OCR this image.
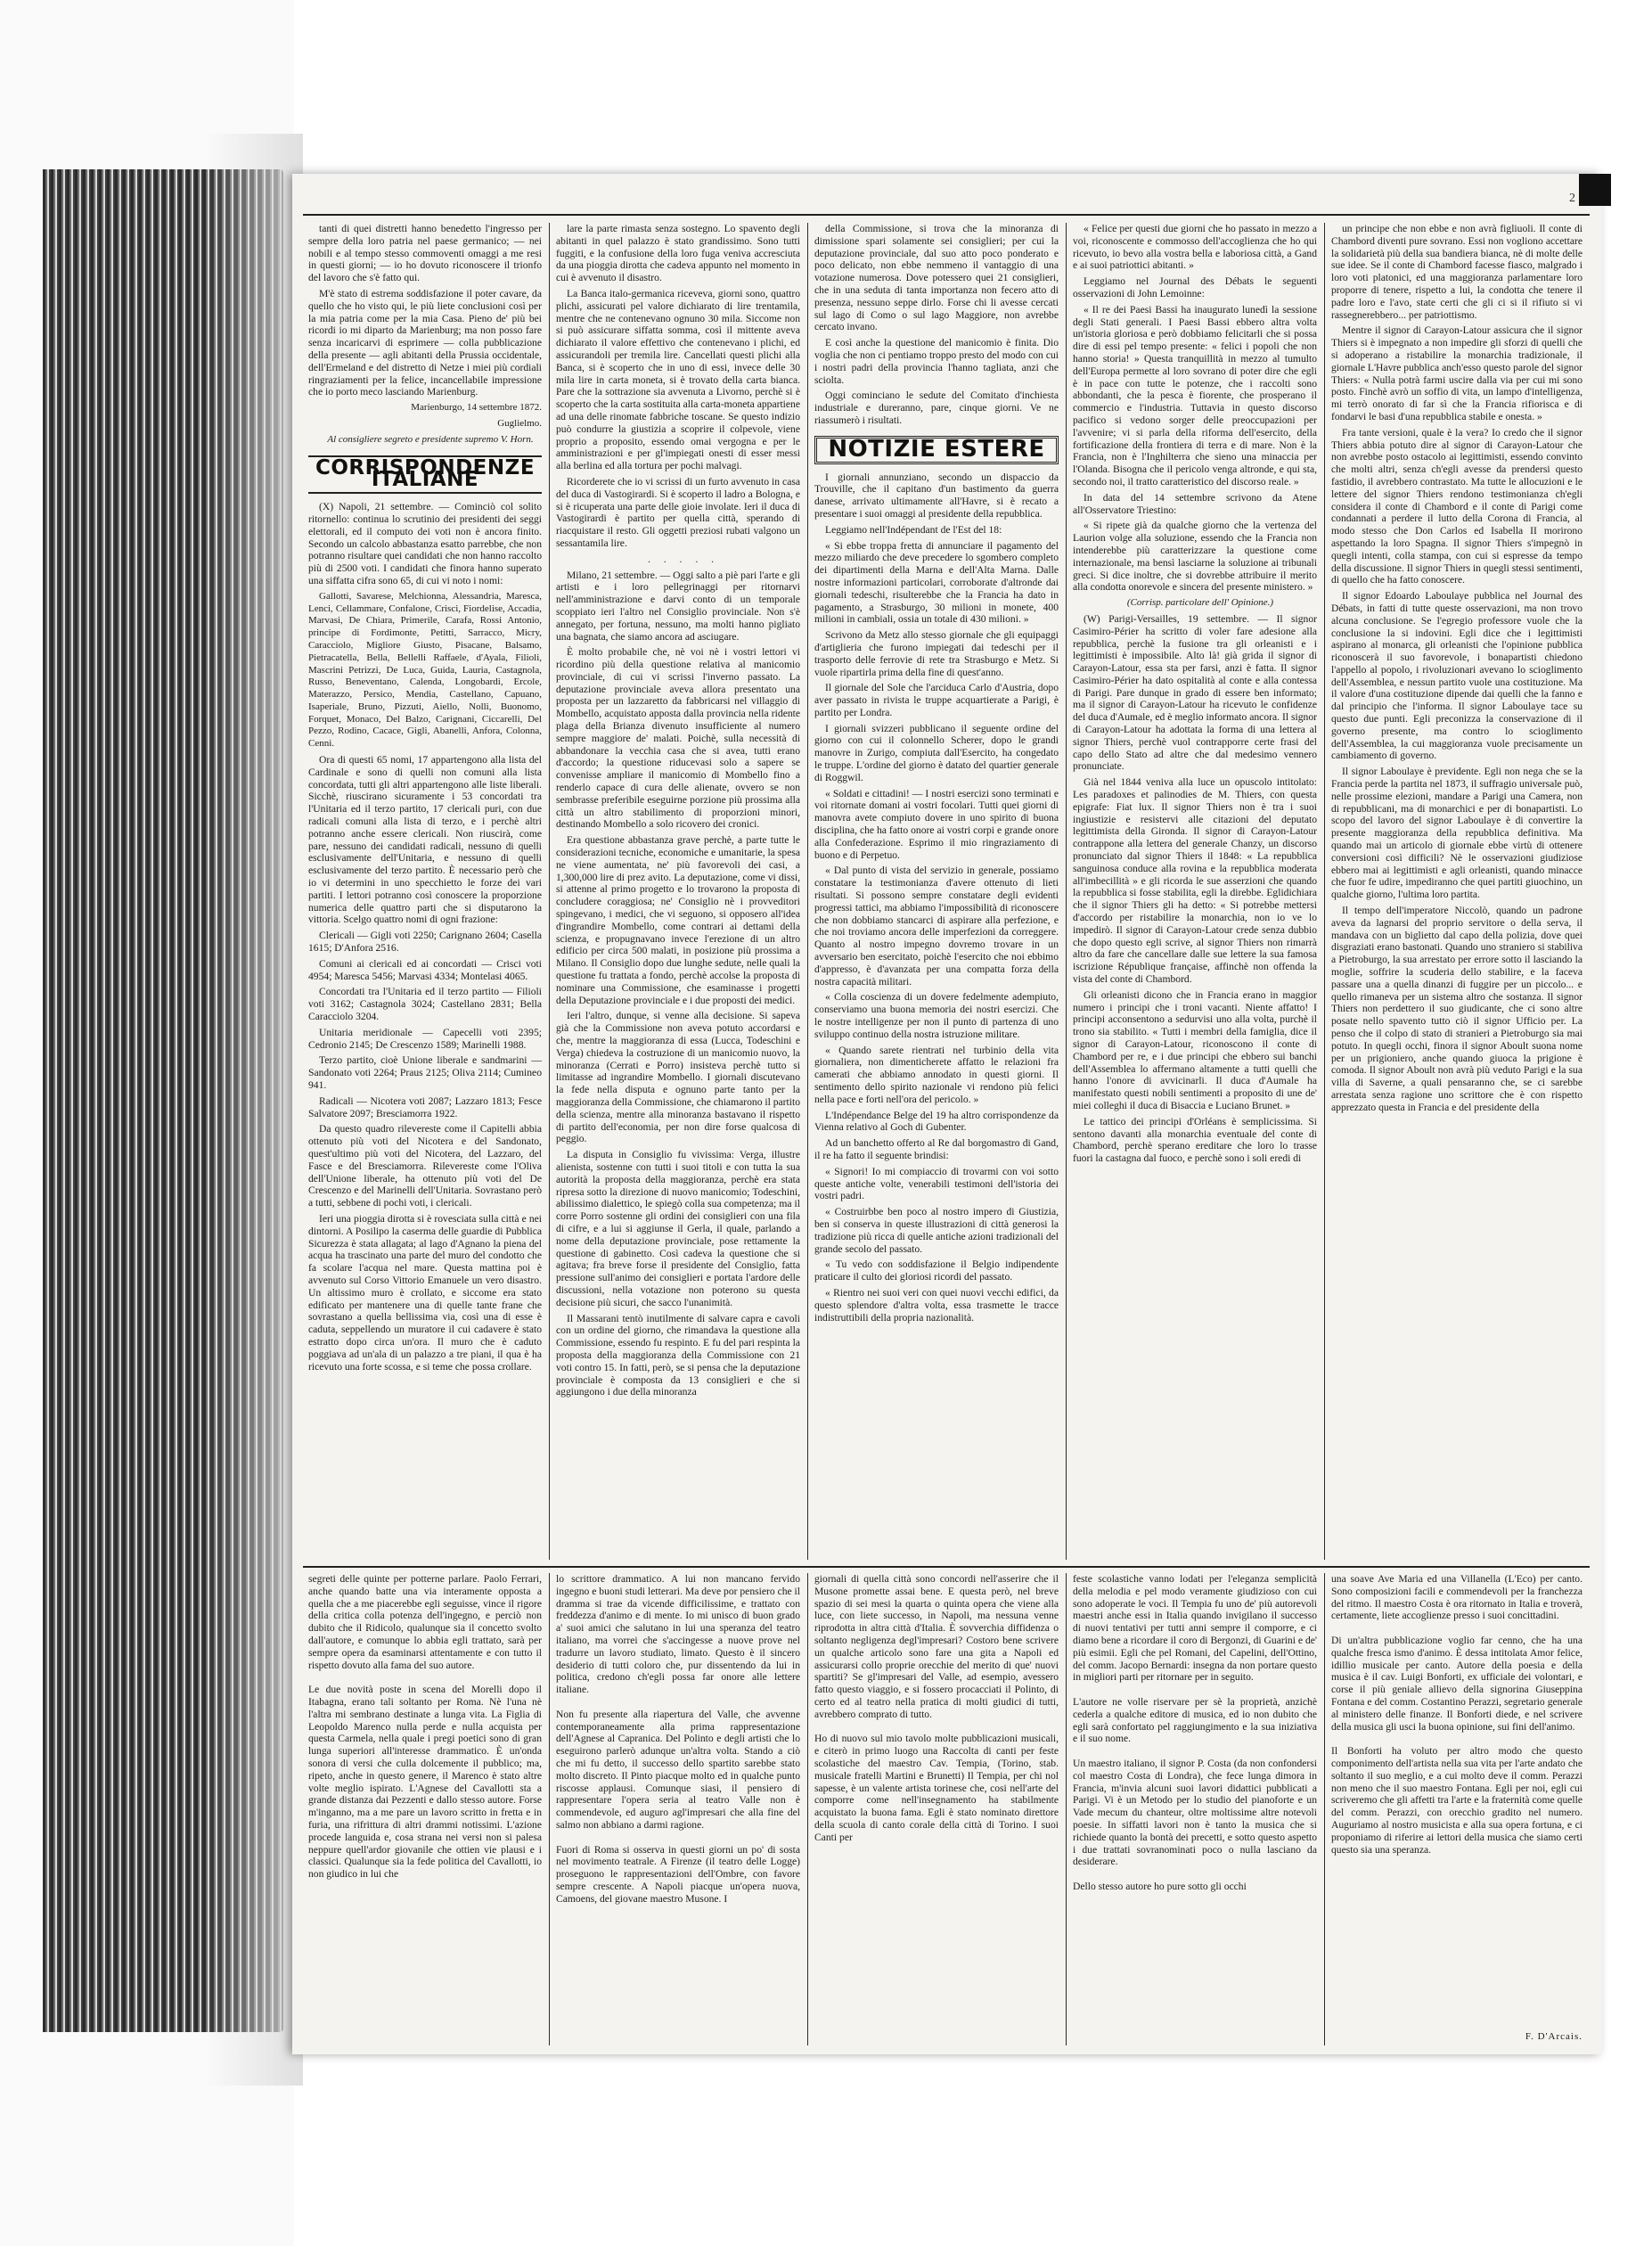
2

tanti di quei distretti hanno benedetto l'ingresso per sempre della loro patria nel paese germanico; — nei nobili e al tempo stesso commoventi omaggi a me resi in questi giorni; — io ho dovuto riconoscere il trionfo del lavoro che s'è fatto qui.

M'è stato di estrema soddisfazione il poter cavare, da quello che ho visto qui, le più liete conclusioni così per la mia patria come per la mia Casa. Pieno de' più bei ricordi io mi diparto da Marienburg; ma non posso fare senza incaricarvi di esprimere — colla pubblicazione della presente — agli abitanti della Prussia occidentale, dell'Ermeland e del distretto di Netze i miei più cordiali ringraziamenti per la felice, incancellabile impressione che io porto meco lasciando Marienburg.

Marienburgo, 14 settembre 1872.

Guglielmo.

Al consigliere segreto e presidente supremo V. Horn.

CORRISPONDENZE ITALIANE

(X) Napoli, 21 settembre. — Cominciò col solito ritornello: continua lo scrutinio dei presidenti dei seggi elettorali, ed il computo dei voti non è ancora finito. Secondo un calcolo abbastanza esatto parrebbe, che non potranno risultare quei candidati che non hanno raccolto più di 2500 voti. I candidati che finora hanno superato una siffatta cifra sono 65, di cui vi noto i nomi:

Gallotti, Savarese, Melchionna, Alessandria, Maresca, Lenci, Cellammare, Confalone, Crisci, Fiordelise, Accadia, Marvasi, De Chiara, Primerile, Carafa, Rossi Antonio, principe di Fordimonte, Petitti, Sarracco, Micry, Caracciolo, Migliore Giusto, Pisacane, Balsamo, Pietracatella, Bella, Bellelli Raffaele, d'Ayala, Filioli, Mascrini Petrizzi, De Luca, Guida, Lauria, Castagnola, Russo, Beneventano, Calenda, Longobardi, Ercole, Materazzo, Persico, Mendia, Castellano, Capuano, Isaperiale, Bruno, Pizzuti, Aiello, Nolli, Buonomo, Forquet, Monaco, Del Balzo, Carignani, Ciccarelli, Del Pezzo, Rodino, Cacace, Gigli, Abanelli, Anfora, Colonna, Cenni.

Ora di questi 65 nomi, 17 appartengono alla lista del Cardinale e sono di quelli non comuni alla lista concordata, tutti gli altri appartengono alle liste liberali. Sicchè, riuscirano sicuramente i 53 concordati tra l'Unitaria ed il terzo partito, 17 clericali puri, con due radicali comuni alla lista di terzo, e i perchè altri potranno anche essere clericali. Non riuscirà, come pare, nessuno dei candidati radicali, nessuno di quelli esclusivamente dell'Unitaria, e nessuno di quelli esclusivamente del terzo partito. È necessario però che io vi determini in uno specchietto le forze dei vari partiti. I lettori potranno così conoscere la proporzione numerica delle quattro parti che si disputarono la vittoria. Scelgo quattro nomi di ogni frazione:

Clericali — Gigli voti 2250; Carignano 2604; Casella 1615; D'Anfora 2516.

Comuni ai clericali ed ai concordati — Crisci voti 4954; Maresca 5456; Marvasi 4334; Montelasi 4065.

Concordati tra l'Unitaria ed il terzo partito — Filioli voti 3162; Castagnola 3024; Castellano 2831; Bella Caracciolo 3204.

Unitaria meridionale — Capecelli voti 2395; Cedronio 2145; De Crescenzo 1589; Marinelli 1988.

Terzo partito, cioè Unione liberale e sandmarini — Sandonato voti 2264; Praus 2125; Oliva 2114; Cumineo 941.

Radicali — Nicotera voti 2087; Lazzaro 1813; Fesce Salvatore 2097; Bresciamorra 1922.

Da questo quadro rilevereste come il Capitelli abbia ottenuto più voti del Nicotera e del Sandonato, quest'ultimo più voti del Nicotera, del Lazzaro, del Fasce e del Bresciamorra. Rilevereste come l'Oliva dell'Unione liberale, ha ottenuto più voti del De Crescenzo e del Marinelli dell'Unitaria. Sovrastano però a tutti, sebbene di pochi voti, i clericali.

Ieri una pioggia dirotta si è rovesciata sulla città e nei dintorni. A Posilipo la caserma delle guardie di Pubblica Sicurezza è stata allagata; al lago d'Agnano la piena del acqua ha trascinato una parte del muro del condotto che fa scolare l'acqua nel mare. Questa mattina poi è avvenuto sul Corso Vittorio Emanuele un vero disastro. Un altissimo muro è crollato, e siccome era stato edificato per mantenere una di quelle tante frane che sovrastano a quella bellissima via, così una di esse è caduta, seppellendo un muratore il cui cadavere è stato estratto dopo circa un'ora. Il muro che è caduto poggiava ad un'ala di un palazzo a tre piani, il qua è ha ricevuto una forte scossa, e si teme che possa crollare.

lare la parte rimasta senza sostegno. Lo spavento degli abitanti in quel palazzo è stato grandissimo. Sono tutti fuggiti, e la confusione della loro fuga veniva accresciuta da una pioggia dirotta che cadeva appunto nel momento in cui è avvenuto il disastro.

La Banca italo-germanica riceveva, giorni sono, quattro plichi, assicurati pel valore dichiarato di lire trentamila, mentre che ne contenevano ognuno 30 mila. Siccome non si può assicurare siffatta somma, così il mittente aveva dichiarato il valore effettivo che contenevano i plichi, ed assicurandoli per tremila lire. Cancellati questi plichi alla Banca, si è scoperto che in uno di essi, invece delle 30 mila lire in carta moneta, si è trovato della carta bianca. Pare che la sottrazione sia avvenuta a Livorno, perchè si è scoperto che la carta sostituita alla carta-moneta appartiene ad una delle rinomate fabbriche toscane. Se questo indizio può condurre la giustizia a scoprire il colpevole, viene proprio a proposito, essendo omai vergogna e per le amministrazioni e per gl'impiegati onesti di esser messi alla berlina ed alla tortura per pochi malvagi.

Ricorderete che io vi scrissi di un furto avvenuto in casa del duca di Vastogirardi. Si è scoperto il ladro a Bologna, e si è ricuperata una parte delle gioie involate. Ieri il duca di Vastogirardi è partito per quella città, sperando di riacquistare il resto. Gli oggetti preziosi rubati valgono un sessantamila lire.

. . . . .

Milano, 21 settembre. — Oggi salto a piè pari l'arte e gli artisti e i loro pellegrinaggi per ritornarvi nell'amministrazione e darvi conto di un temporale scoppiato ieri l'altro nel Consiglio provinciale. Non s'è annegato, per fortuna, nessuno, ma molti hanno pigliato una bagnata, che siamo ancora ad asciugare.

È molto probabile che, nè voi nè i vostri lettori vi ricordino più della questione relativa al manicomio provinciale, di cui vi scrissi l'inverno passato. La deputazione provinciale aveva allora presentato una proposta per un lazzaretto da fabbricarsi nel villaggio di Mombello, acquistato apposta dalla provincia nella ridente plaga della Brianza divenuto insufficiente al numero sempre maggiore de' malati. Poichè, sulla necessità di abbandonare la vecchia casa che si avea, tutti erano d'accordo; la questione riducevasi solo a sapere se convenisse ampliare il manicomio di Mombello fino a renderlo capace di cura delle alienate, ovvero se non sembrasse preferibile eseguirne porzione più prossima alla città un altro stabilimento di proporzioni minori, destinando Mombello a solo ricovero dei cronici.

Era questione abbastanza grave perchè, a parte tutte le considerazioni tecniche, economiche e umanitarie, la spesa ne viene aumentata, ne' più favorevoli dei casi, a 1,300,000 lire di prez avito. La deputazione, come vi dissi, si attenne al primo progetto e lo trovarono la proposta di concludere coraggiosa; ne' Consiglio nè i provveditori spingevano, i medici, che vi seguono, si opposero all'idea d'ingrandire Mombello, come contrari ai dettami della scienza, e propugnavano invece l'erezione di un altro edificio per circa 500 malati, in posizione più prossima a Milano. Il Consiglio dopo due lunghe sedute, nelle quali la questione fu trattata a fondo, perchè accolse la proposta di nominare una Commissione, che esaminasse i progetti della Deputazione provinciale e i due proposti dei medici.

Ieri l'altro, dunque, si venne alla decisione. Si sapeva già che la Commissione non aveva potuto accordarsi e che, mentre la maggioranza di essa (Lucca, Todeschini e Verga) chiedeva la costruzione di un manicomio nuovo, la minoranza (Cerrati e Porro) insisteva perchè tutto si limitasse ad ingrandire Mombello. I giornali discutevano la fede nella disputa e ognuno parte tanto per la maggioranza della Commissione, che chiamarono il partito della scienza, mentre alla minoranza bastavano il rispetto di partito dell'economia, per non dire forse qualcosa di peggio.

La disputa in Consiglio fu vivissima: Verga, illustre alienista, sostenne con tutti i suoi titoli e con tutta la sua autorità la proposta della maggioranza, perchè era stata ripresa sotto la direzione di nuovo manicomio; Todeschini, abilissimo dialettico, le spiegò colla sua competenza; ma il corre Porro sostenne gli ordini dei consiglieri con una fila di cifre, e a lui si aggiunse il Gerla, il quale, parlando a nome della deputazione provinciale, pose rettamente la questione di gabinetto. Così cadeva la questione che si agitava; fra breve forse il presidente del Consiglio, fatta pressione sull'animo dei consiglieri e portata l'ardore delle discussioni, nella votazione non poterono su questa decisione più sicuri, che sacco l'unanimità.

Il Massarani tentò inutilmente di salvare capra e cavoli con un ordine del giorno, che rimandava la questione alla Commissione, essendo fu respinto. E fu del pari respinta la proposta della maggioranza della Commissione con 21 voti contro 15. In fatti, però, se si pensa che la deputazione provinciale è composta da 13 consiglieri e che si aggiungono i due della minoranza

della Commissione, si trova che la minoranza di dimissione spari solamente sei consiglieri; per cui la deputazione provinciale, dal suo atto poco ponderato e poco delicato, non ebbe nemmeno il vantaggio di una votazione numerosa. Dove potessero quei 21 consiglieri, che in una seduta di tanta importanza non fecero atto di presenza, nessuno seppe dirlo. Forse chi li avesse cercati sul lago di Como o sul lago Maggiore, non avrebbe cercato invano.

E così anche la questione del manicomio è finita. Dio voglia che non ci pentiamo troppo presto del modo con cui i nostri padri della provincia l'hanno tagliata, anzi che sciolta.

Oggi cominciano le sedute del Comitato d'inchiesta industriale e dureranno, pare, cinque giorni. Ve ne riassumerò i risultati.

NOTIZIE ESTERE

I giornali annunziano, secondo un dispaccio da Trouville, che il capitano d'un bastimento da guerra danese, arrivato ultimamente all'Havre, si è recato a presentare i suoi omaggi al presidente della repubblica.

Leggiamo nell'Indépendant de l'Est del 18:

« Si ebbe troppa fretta di annunciare il pagamento del mezzo miliardo che deve precedere lo sgombero completo dei dipartimenti della Marna e dell'Alta Marna. Dalle nostre informazioni particolari, corroborate d'altronde dai giornali tedeschi, risulterebbe che la Francia ha dato in pagamento, a Strasburgo, 30 milioni in monete, 400 milioni in cambiali, ossia un totale di 430 milioni. »

Scrivono da Metz allo stesso giornale che gli equipaggi d'artiglieria che furono impiegati dai tedeschi per il trasporto delle ferrovie di rete tra Strasburgo e Metz. Si vuole ripartirla prima della fine di quest'anno.

Il giornale del Sole che l'arciduca Carlo d'Austria, dopo aver passato in rivista le truppe acquartierate a Parigi, è partito per Londra.

I giornali svizzeri pubblicano il seguente ordine del giorno con cui il colonnello Scherer, dopo le grandi manovre in Zurigo, compiuta dall'Esercito, ha congedato le truppe. L'ordine del giorno è datato del quartier generale di Roggwil.

« Soldati e cittadini! — I nostri esercizi sono terminati e voi ritornate domani ai vostri focolari. Tutti quei giorni di manovra avete compiuto dovere in uno spirito di buona disciplina, che ha fatto onore ai vostri corpi e grande onore alla Confederazione. Esprimo il mio ringraziamento di buono e di Perpetuo.

« Dal punto di vista del servizio in generale, possiamo constatare la testimonianza d'avere ottenuto di lieti risultati. Si possono sempre constatare degli evidenti progressi tattici, ma abbiamo l'impossibilità di riconoscere che non dobbiamo stancarci di aspirare alla perfezione, e che noi troviamo ancora delle imperfezioni da correggere. Quanto al nostro impegno dovremo trovare in un avversario ben esercitato, poichè l'esercito che noi ebbimo d'appresso, è d'avanzata per una compatta forza della nostra capacità militari.

« Colla coscienza di un dovere fedelmente adempiuto, conserviamo una buona memoria dei nostri esercizi. Che le nostre intelligenze per non il punto di partenza di uno sviluppo continuo della nostra istruzione militare.

« Quando sarete rientrati nel turbinio della vita giornaliera, non dimenticherete affatto le relazioni fra camerati che abbiamo annodato in questi giorni. Il sentimento dello spirito nazionale vi rendono più felici nella pace e forti nell'ora del pericolo. »

L'Indépendance Belge del 19 ha altro corrispondenze da Vienna relativo al Goch di Gubenter.

Ad un banchetto offerto al Re dal borgomastro di Gand, il re ha fatto il seguente brindisi:

« Signori! Io mi compiaccio di trovarmi con voi sotto queste antiche volte, venerabili testimoni dell'istoria dei vostri padri.

« Costruirbbe ben poco al nostro impero di Giustizia, ben si conserva in queste illustrazioni di città generosi la tradizione più ricca di quelle antiche azioni tradizionali del grande secolo del passato.

« Tu vedo con soddisfazione il Belgio indipendente praticare il culto dei gloriosi ricordi del passato.

« Rientro nei suoi veri con quei nuovi vecchi edifici, da questo splendore d'altra volta, essa trasmette le tracce indistruttibili della propria nazionalità.

« Felice per questi due giorni che ho passato in mezzo a voi, riconoscente e commosso dell'accoglienza che ho qui ricevuto, io bevo alla vostra bella e laboriosa città, a Gand e ai suoi patriottici abitanti. »

Leggiamo nel Journal des Débats le seguenti osservazioni di John Lemoinne:

« Il re dei Paesi Bassi ha inaugurato lunedì la sessione degli Stati generali. I Paesi Bassi ebbero altra volta un'istoria gloriosa e però dobbiamo felicitarli che si possa dire di essi pel tempo presente: « felici i popoli che non hanno storia! » Questa tranquillità in mezzo al tumulto dell'Europa permette al loro sovrano di poter dire che egli è in pace con tutte le potenze, che i raccolti sono abbondanti, che la pesca è fiorente, che prosperano il commercio e l'industria. Tuttavia in questo discorso pacifico si vedono sorger delle preoccupazioni per l'avvenire; vi si parla della riforma dell'esercito, della fortificazione della frontiera di terra e di mare. Non è la Francia, non è l'Inghilterra che sieno una minaccia per l'Olanda. Bisogna che il pericolo venga altronde, e qui sta, secondo noi, il tratto caratteristico del discorso reale. »

In data del 14 settembre scrivono da Atene all'Osservatore Triestino:

« Si ripete già da qualche giorno che la vertenza del Laurion volge alla soluzione, essendo che la Francia non intenderebbe più caratterizzare la questione come internazionale, ma bensì lasciarne la soluzione ai tribunali greci. Si dice inoltre, che si dovrebbe attribuire il merito alla condotta onorevole e sincera del presente ministero. »

(Corrisp. particolare dell' Opinione.)

(W) Parigi-Versailles, 19 settembre. — Il signor Casimiro-Périer ha scritto di voler fare adesione alla repubblica, perchè la fusione tra gli orleanisti e i legittimisti è impossibile. Alto là! già grida il signor di Carayon-Latour, essa sta per farsi, anzi è fatta. Il signor Casimiro-Périer ha dato ospitalità al conte e alla contessa di Parigi. Pare dunque in grado di essere ben informato; ma il signor di Carayon-Latour ha ricevuto le confidenze del duca d'Aumale, ed è meglio informato ancora. Il signor di Carayon-Latour ha adottata la forma di una lettera al signor Thiers, perchè vuol contrapporre certe frasi del capo dello Stato ad altre che dal medesimo vennero pronunciate.

Già nel 1844 veniva alla luce un opuscolo intitolato: Les paradoxes et palinodies de M. Thiers, con questa epigrafe: Fiat lux. Il signor Thiers non è tra i suoi ingiustizie e resistervi alle citazioni del deputato legittimista della Gironda. Il signor di Carayon-Latour contrappone alla lettera del generale Chanzy, un discorso pronunciato dal signor Thiers il 1848: « La repubblica sanguinosa conduce alla rovina e la repubblica moderata all'imbecillità » e gli ricorda le sue asserzioni che quando la repubblica si fosse stabilita, egli la direbbe. Eglidichiara che il signor Thiers gli ha detto: « Si potrebbe mettersi d'accordo per ristabilire la monarchia, non io ve lo impedirò. Il signor di Carayon-Latour crede senza dubbio che dopo questo egli scrive, al signor Thiers non rimarrà altro da fare che cancellare dalle sue lettere la sua famosa iscrizione République française, affinchè non offenda la vista del conte di Chambord.

Gli orleanisti dicono che in Francia erano in maggior numero i principi che i troni vacanti. Niente affatto! I principi acconsentono a sedurvisi uno alla volta, purchè il trono sia stabilito. « Tutti i membri della famiglia, dice il signor di Carayon-Latour, riconoscono il conte di Chambord per re, e i due principi che ebbero sui banchi dell'Assemblea lo affermano altamente a tutti quelli che hanno l'onore di avvicinarli. Il duca d'Aumale ha manifestato questi nobili sentimenti a proposito di une de' miei colleghi il duca di Bisaccia e Luciano Brunet. »

Le tattico dei principi d'Orléans è semplicissima. Si sentono davanti alla monarchia eventuale del conte di Chambord, perchè sperano ereditare che loro lo trasse fuori la castagna dal fuoco, e perchè sono i soli eredi di

un principe che non ebbe e non avrà figliuoli. Il conte di Chambord diventi pure sovrano. Essi non vogliono accettare la solidarietà più della sua bandiera bianca, nè di molte delle sue idee. Se il conte di Chambord facesse fiasco, malgrado i loro voti platonici, ed una maggioranza parlamentare loro proporre di tenere, rispetto a lui, la condotta che tenere il padre loro e l'avo, state certi che gli ci si il rifiuto si vi rassegnerebbero... per patriottismo.

Mentre il signor di Carayon-Latour assicura che il signor Thiers si è impegnato a non impedire gli sforzi di quelli che si adoperano a ristabilire la monarchia tradizionale, il giornale L'Havre pubblica anch'esso questo parole del signor Thiers: « Nulla potrà farmi uscire dalla via per cui mi sono posto. Finchè avrò un soffio di vita, un lampo d'intelligenza, mi terrò onorato di far sì che la Francia rifiorisca e di fondarvi le basi d'una repubblica stabile e onesta. »

Fra tante versioni, quale è la vera? Io credo che il signor Thiers abbia potuto dire al signor di Carayon-Latour che non avrebbe posto ostacolo ai legittimisti, essendo convinto che molti altri, senza ch'egli avesse da prendersi questo fastidio, il avrebbero contrastato. Ma tutte le allocuzioni e le lettere del signor Thiers rendono testimonianza ch'egli considera il conte di Chambord e il conte di Parigi come condannati a perdere il lutto della Corona di Francia, al modo stesso che Don Carlos ed Isabella II morirono aspettando la loro Spagna. Il signor Thiers s'impegnò in quegli intenti, colla stampa, con cui si espresse da tempo della discussione. Il signor Thiers in quegli stessi sentimenti, di quello che ha fatto conoscere.

Il signor Edoardo Laboulaye pubblica nel Journal des Débats, in fatti di tutte queste osservazioni, ma non trovo alcuna conclusione. Se l'egregio professore vuole che la conclusione la si indovini. Egli dice che i legittimisti aspirano al monarca, gli orleanisti che l'opinione pubblica riconoscerà il suo favorevole, i bonapartisti chiedono l'appello al popolo, i rivoluzionari avevano lo scioglimento dell'Assemblea, e nessun partito vuole una costituzione. Ma il valore d'una costituzione dipende dai quelli che la fanno e dal principio che l'informa. Il signor Laboulaye tace su questo due punti. Egli preconizza la conservazione di il governo presente, ma contro lo scioglimento dell'Assemblea, la cui maggioranza vuole precisamente un cambiamento di governo.

Il signor Laboulaye è previdente. Egli non nega che se la Francia perde la partita nel 1873, il suffragio universale può, nelle prossime elezioni, mandare a Parigi una Camera, non di repubblicani, ma di monarchici e per di bonapartisti. Lo scopo del lavoro del signor Laboulaye è di convertire la presente maggioranza della repubblica definitiva. Ma quando mai un articolo di giornale ebbe virtù di ottenere conversioni così difficili? Nè le osservazioni giudiziose ebbero mai ai legittimisti e agli orleanisti, quando minacce che fuor fe udire, impediranno che quei partiti giuochino, un qualche giorno, l'ultima loro partita.

Il tempo dell'imperatore Niccolò, quando un padrone aveva da lagnarsi del proprio servitore o della serva, il mandava con un biglietto dal capo della polizia, dove quei disgraziati erano bastonati. Quando uno straniero si stabiliva a Pietroburgo, la sua arrestato per errore sotto il lasciando la moglie, soffrire la scuderia dello stabilire, e la faceva passare una a quella dinanzi di fuggire per un piccolo... e quello rimaneva per un sistema altro che sostanza. Il signor Thiers non perdettero il suo giudicante, che ci sono altre posate nello spavento tutto ciò il signor Ufficio per. La penso che il colpo di stato di stranieri a Pietroburgo sia mai potuto. In quegli occhi, finora il signor Aboult suona nome per un prigioniero, anche quando giuoca la prigione è comoda. Il signor Aboult non avrà più veduto Parigi e la sua villa di Saverne, a quali pensaranno che, se ci sarebbe arrestata senza ragione uno scrittore che è con rispetto apprezzato questa in Francia e del presidente della

segreti delle quinte per potterne parlare. Paolo Ferrari, anche quando batte una via interamente opposta a quella che a me piacerebbe egli seguisse, vince il rigore della critica colla potenza dell'ingegno, e perciò non dubito che il Ridicolo, qualunque sia il concetto svolto dall'autore, e comunque lo abbia egli trattato, sarà per sempre opera da esaminarsi attentamente e con tutto il rispetto dovuto alla fama del suo autore.

Le due novità poste in scena del Morelli dopo il Itabagna, erano tali soltanto per Roma. Nè l'una nè l'altra mi sembrano destinate a lunga vita. La Figlia di Leopoldo Marenco nulla perde e nulla acquista per questa Carmela, nella quale i pregi poetici sono di gran lunga superiori all'interesse drammatico. È un'onda sonora di versi che culla dolcemente il pubblico; ma, ripeto, anche in questo genere, il Marenco è stato altre volte meglio ispirato. L'Agnese del Cavallotti sta a grande distanza dai Pezzenti e dallo stesso autore. Forse m'inganno, ma a me pare un lavoro scritto in fretta e in furia, una rifrittura di altri drammi notissimi. L'azione procede languida e, cosa strana nei versi non si palesa neppure quell'ardor giovanile che ottien vie plausi e i classici. Qualunque sia la fede politica del Cavallotti, io non giudico in lui che
lo scrittore drammatico. A lui non mancano fervido ingegno e buoni studi letterari. Ma deve por pensiero che il dramma si trae da vicende difficilissime, e trattato con freddezza d'animo e di mente. Io mi unisco di buon grado a' suoi amici che salutano in lui una speranza del teatro italiano, ma vorrei che s'accingesse a nuove prove nel tradurre un lavoro studiato, limato. Questo è il sincero desiderio di tutti coloro che, pur dissentendo da lui in politica, credono ch'egli possa far onore alle lettere italiane.

Non fu presente alla riapertura del Valle, che avvenne contemporaneamente alla prima rappresentazione dell'Agnese al Capranica. Del Polinto e degli artisti che lo eseguirono parlerò adunque un'altra volta. Stando a ciò che mi fu detto, il successo dello spartito sarebbe stato molto discreto. Il Pinto piacque molto ed in qualche punto riscosse applausi. Comunque siasi, il pensiero di rappresentare l'opera seria al teatro Valle non è commendevole, ed auguro agl'impresari che alla fine del salmo non abbiano a darmi ragione.

Fuori di Roma si osserva in questi giorni un po' di sosta nel movimento teatrale. A Firenze (il teatro delle Logge) proseguono le rappresentazioni dell'Ombre, con favore sempre crescente. A Napoli piacque un'opera nuova, Camoens, del giovane maestro Musone. I
giornali di quella città sono concordi nell'asserire che il Musone promette assai bene. E questa però, nel breve spazio di sei mesi la quarta o quinta opera che viene alla luce, con liete successo, in Napoli, ma nessuna venne riprodotta in altra città d'Italia. È sovverchia diffidenza o soltanto negligenza degl'impresari? Costoro bene scrivere un qualche articolo sono fare una gita a Napoli ed assicurarsi collo proprie orecchie del merito di que' nuovi spartiti? Se gl'impresari del Valle, ad esempio, avessero fatto questo viaggio, e si fossero procacciati il Polinto, di certo ed al teatro nella pratica di molti giudici di tutti, avrebbero comprato di tutto.

Ho di nuovo sul mio tavolo molte pubblicazioni musicali, e citerò in primo luogo una Raccolta di canti per feste scolastiche del maestro Cav. Tempia, (Torino, stab. musicale fratelli Martini e Brunetti) Il Tempia, per chi nol sapesse, è un valente artista torinese che, cosi nell'arte del comporre come nell'insegnamento ha stabilmente acquistato la buona fama. Egli è stato nominato direttore della scuola di canto corale della città di Torino. I suoi Canti per
feste scolastiche vanno lodati per l'eleganza semplicità della melodia e pel modo veramente giudizioso con cui sono adoperate le voci. Il Tempia fu uno de' più autorevoli maestri anche essi in Italia quando invigilano il successo di nuovi tentativi per tutti anni sempre il comporre, e ci diamo bene a ricordare il coro di Bergonzi, di Guarini e de' più esimii. Egli che pel Romani, del Capelini, dell'Ottino, del comm. Jacopo Bernardi: insegna da non portare questo in migliori parti per ritornare per in seguito.

L'autore ne volle riservare per sè la proprietà, anzichè cederla a qualche editore di musica, ed io non dubito che egli sarà confortato pel raggiungimento e la sua iniziativa e il suo nome.

Un maestro italiano, il signor P. Costa (da non confondersi col maestro Costa di Londra), che fece lunga dimora in Francia, m'invia alcuni suoi lavori didattici pubblicati a Parigi. Vi è un Metodo per lo studio del pianoforte e un Vade mecum du chanteur, oltre moltissime altre notevoli poesie. In siffatti lavori non è tanto la musica che si richiede quanto la bontà dei precetti, e sotto questo aspetto i due trattati sovranominati poco o nulla lasciano da desiderare.

Dello stesso autore ho pure sotto gli occhi
una soave Ave Maria ed una Villanella (L'Eco) per canto. Sono composizioni facili e commendevoli per la franchezza del ritmo. Il maestro Costa è ora ritornato in Italia e troverà, certamente, liete accoglienze presso i suoi concittadini.

Di un'altra pubblicazione voglio far cenno, che ha una qualche fresca ismo d'animo. È dessa intitolata Amor felice, idillio musicale per canto. Autore della poesia e della musica è il cav. Luigi Bonforti, ex ufficiale dei volontari, e corse il più geniale allievo della signorina Giuseppina Fontana e del comm. Costantino Perazzi, segretario generale al ministero delle finanze. Il Bonforti diede, e nel scrivere della musica gli usci la buona opinione, sui fini dell'animo.

Il Bonforti ha voluto per altro modo che questo componimento dell'artista nella sua vita per l'arte andato che soltanto il suo meglio, e a cui molto deve il comm. Perazzi non meno che il suo maestro Fontana. Egli per noi, egli cui scriveremo che gli affetti tra l'arte e la fraternità come quelle del comm. Perazzi, con orecchio gradito nel numero. Auguriamo al nostro musicista e alla sua opera fortuna, e ci proponiamo di riferire ai lettori della musica che siamo certi questo sia una speranza.
F. D'Arcais.
